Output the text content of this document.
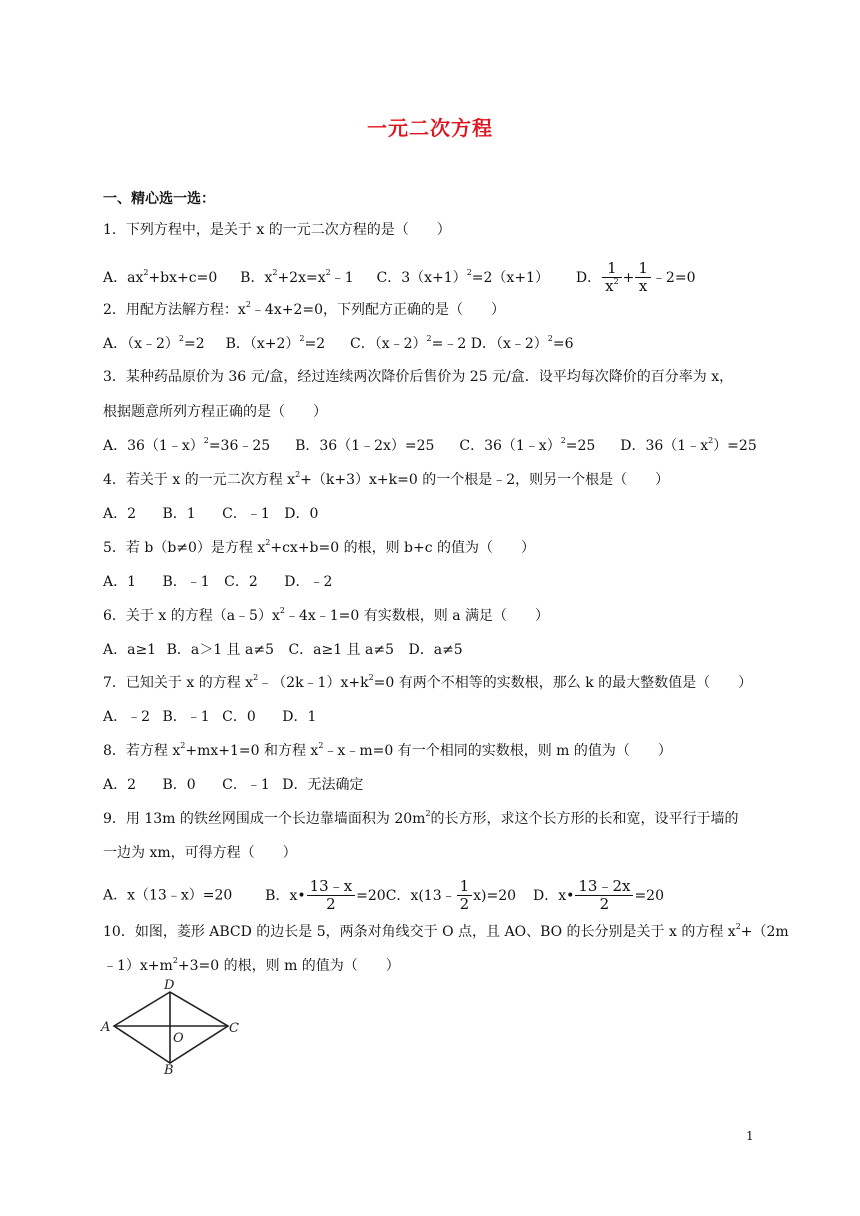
一元二次方程
一、精心选一选：
1．下列方程中，是关于 x 的一元二次方程的是（　　）
A．$ax^2+bx+c=0$ B．$x^2+2x=x^2﹣1$ C．$3(x+1)^2=2(x+1)$ D． $\frac{1}{x^2} + \frac{1}{x}$ ﹣2=0
2．用配方法解方程：$x^2﹣4x+2=0$，下列配方正确的是（　　）
A．（x﹣2）$^2$=2 B．$(x+2)^2=2$ C．（x﹣2）$^2$=﹣2 D．（x﹣2）$^2$=6
3．某种药品原价为 36 元/盒，经过连续两次降价后售价为 25 元/盒．设平均每次降价的百分率为 x，
根据题意所列方程正确的是（　　）
A．36（1﹣x）$^2$=36﹣25 B．36（1﹣2x）=25 C．36（1﹣x）$^2$=25 D．$36(1﹣x^2)=25$
4．若关于 x 的一元二次方程 $x^2+(k+3)x+k=0$ 的一个根是﹣2，则另一个根是（　　）
A．2 B．1 C．﹣1 D．0
5．若 b（b≠0）是方程 $x^2+cx+b=0$ 的根，则 b+c 的值为（　　）
A．1 B．﹣1 C．2 D．﹣2
6．关于 x 的方程$(a﹣5)x^2﹣4x﹣1=0$ 有实数根，则 a 满足（　　）
A．a≥1 B．a＞1 且 a≠5 C．a≥1 且 a≠5 D．a≠5
7．已知关于 x 的方程 $x^2﹣(2k﹣1)x+k^2=0$ 有两个不相等的实数根，那么 k 的最大整数值是（　　）
A．﹣2 B．﹣1 C．0 D．1
8．若方程 $x^2+mx+1=0$ 和方程 $x^2﹣x﹣m=0$ 有一个相同的实数根，则 m 的值为（　　）
A．2 B．0 C．﹣1 D．无法确定
9．用 13m 的铁丝网围成一个长边靠墙面积为 $20m^2$的长方形，求这个长方形的长和宽，设平行于墙的
一边为 xm，可得方程（　　）
A．x（13﹣x）=20 B．x• $\frac{13﹣x}{2} =20C$．x(13﹣ $\frac{1}{2} x)=20$ D．x• $\frac{13﹣2x}{2} =20$
10．如图，菱形 ABCD 的边长是 5，两条对角线交于 O 点，且 AO、BO 的长分别是关于 x 的方程 $x^2+(2m$
$﹣1)x+m^2+3=0$ 的根，则 m 的值为（　　）
A
D
C
B
O
1
